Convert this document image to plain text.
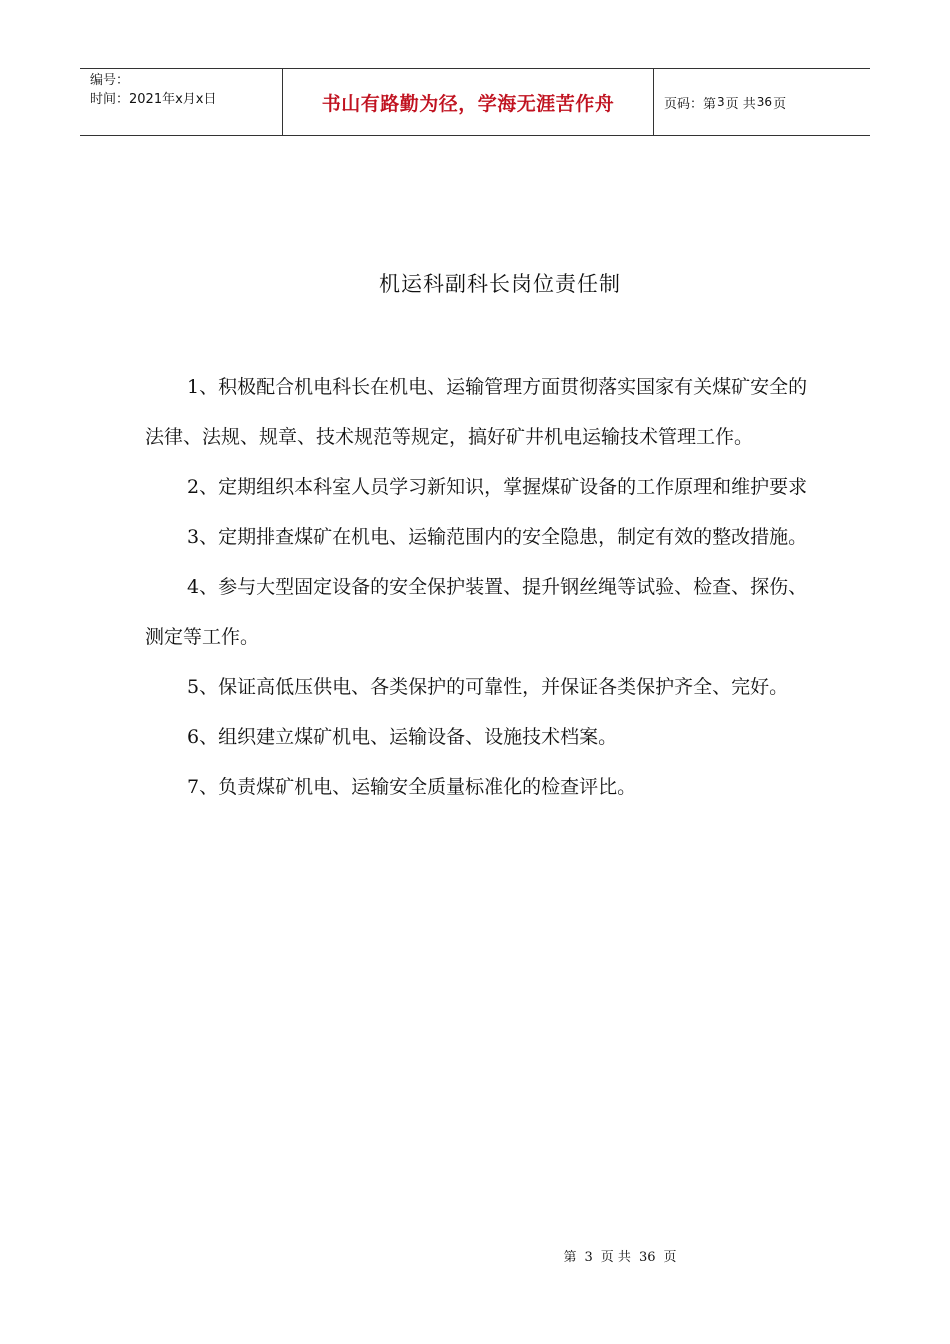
编号：
时间：2021年x月x日	书山有路勤为径，学海无涯苦作舟	页码：第 3 页 共 36 页
机运科副科长岗位责任制

1、积极配合机电科长在机电、运输管理方面贯彻落实国家有关煤矿安全的法律、法规、规章、技术规范等规定，搞好矿井机电运输技术管理工作。

2、定期组织本科室人员学习新知识，掌握煤矿设备的工作原理和维护要求

3、定期排查煤矿在机电、运输范围内的安全隐患，制定有效的整改措施。

4、参与大型固定设备的安全保护装置、提升钢丝绳等试验、检查、探伤、测定等工作。

5、保证高低压供电、各类保护的可靠性，并保证各类保护齐全、完好。

6、组织建立煤矿机电、运输设备、设施技术档案。

7、负责煤矿机电、运输安全质量标准化的检查评比。

第 3 页 共 36 页
